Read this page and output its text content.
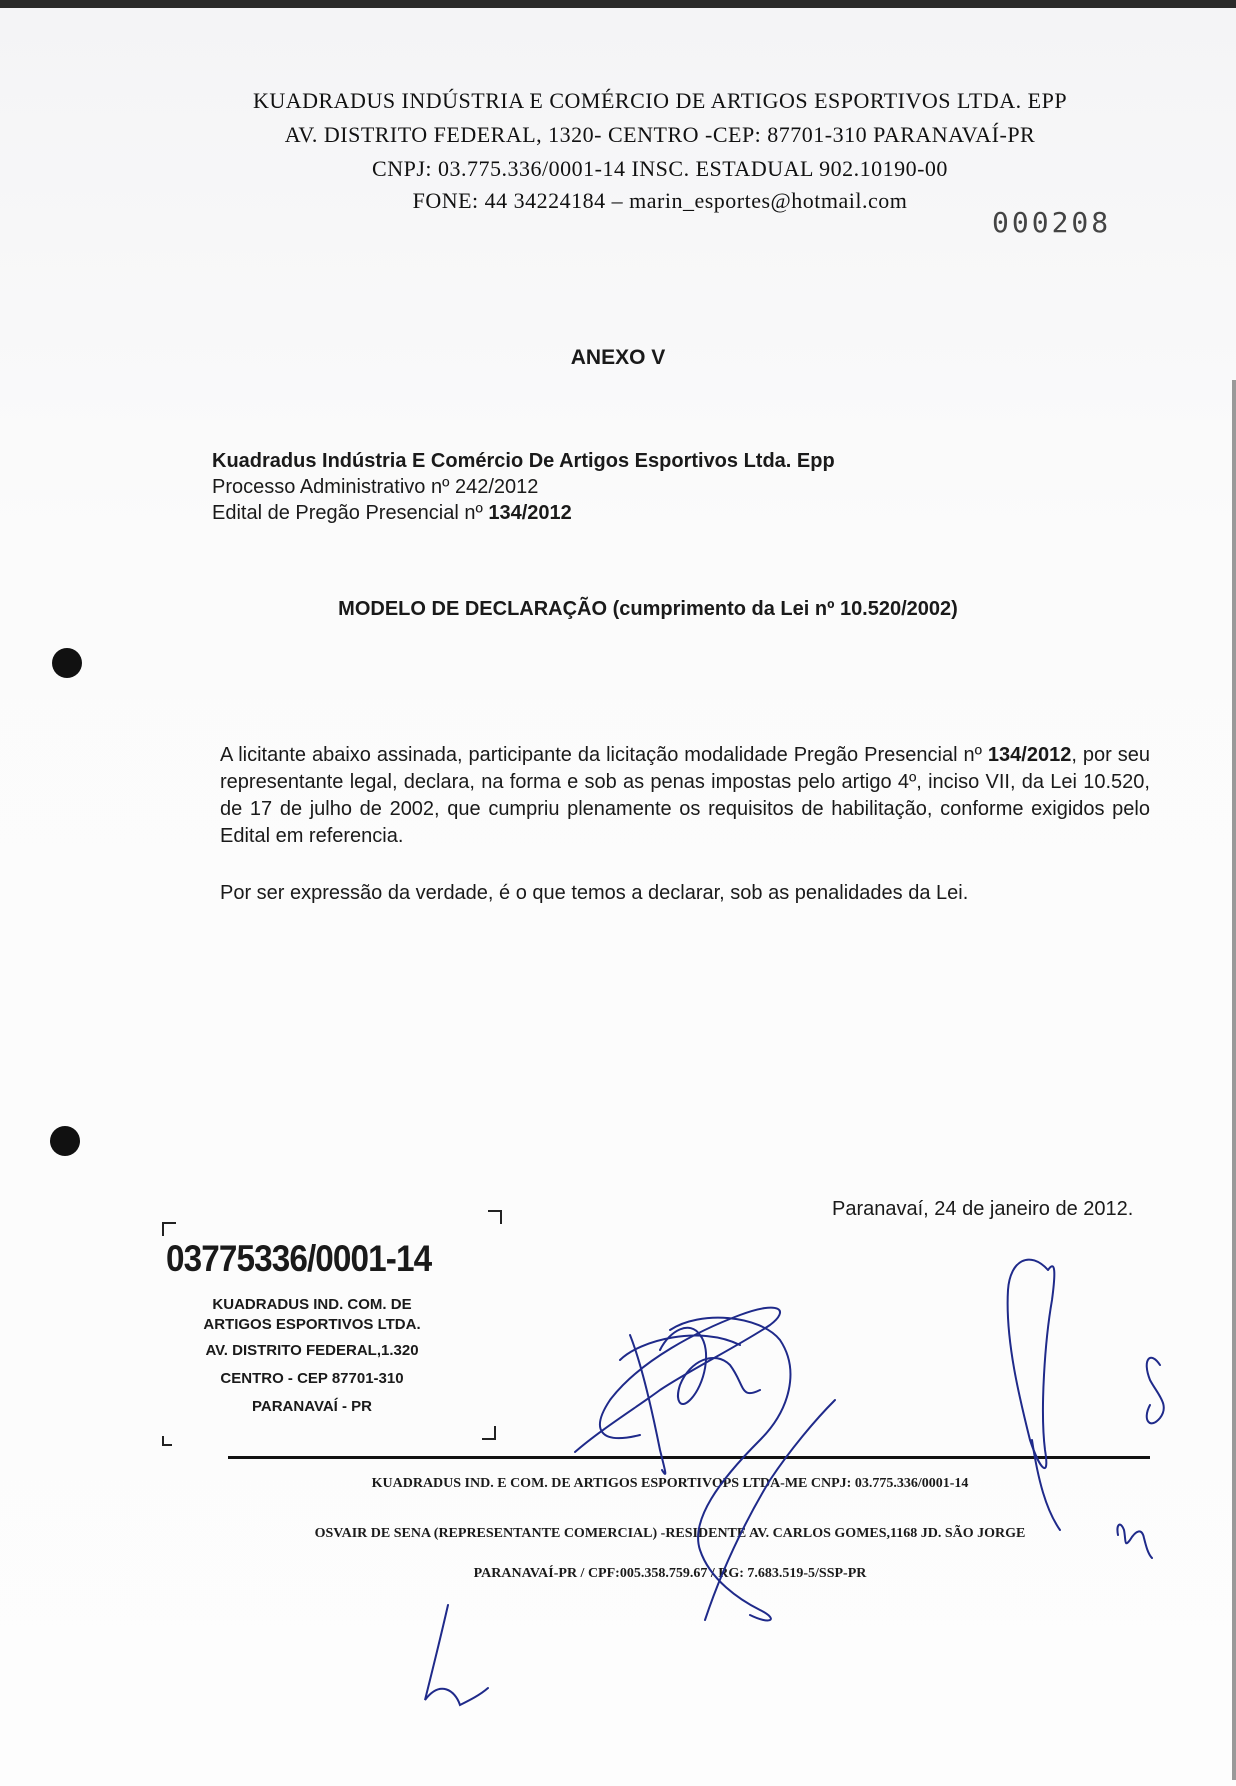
KUADRADUS INDÚSTRIA E COMÉRCIO DE ARTIGOS ESPORTIVOS LTDA. EPP
AV. DISTRITO FEDERAL, 1320- CENTRO -CEP: 87701-310 PARANAVAÍ-PR
CNPJ: 03.775.336/0001-14 INSC. ESTADUAL 902.10190-00
FONE: 44 34224184 – marin_esportes@hotmail.com
000208
ANEXO V
Kuadradus Indústria E Comércio De Artigos Esportivos Ltda. Epp
Processo Administrativo nº 242/2012
Edital de Pregão Presencial nº 134/2012
MODELO DE DECLARAÇÃO (cumprimento da Lei nº 10.520/2002)
A licitante abaixo assinada, participante da licitação modalidade Pregão Presencial nº 134/2012, por seu representante legal, declara, na forma e sob as penas impostas pelo artigo 4º, inciso VII, da Lei 10.520, de 17 de julho de 2002, que cumpriu plenamente os requisitos de habilitação, conforme exigidos pelo Edital em referencia.
Por ser expressão da verdade, é o que temos a declarar, sob as penalidades da Lei.
Paranavaí, 24 de janeiro de 2012.
03775336/0001-14
KUADRADUS IND. COM. DE
ARTIGOS ESPORTIVOS LTDA.
AV. DISTRITO FEDERAL,1.320
CENTRO - CEP 87701-310
PARANAVAÍ - PR
KUADRADUS IND. E COM. DE ARTIGOS ESPORTIVOPS LTDA-ME CNPJ: 03.775.336/0001-14
OSVAIR DE SENA (REPRESENTANTE COMERCIAL) -RESIDENTE AV. CARLOS GOMES,1168 JD. SÃO JORGE
PARANAVAÍ-PR / CPF:005.358.759.67 / RG: 7.683.519-5/SSP-PR
